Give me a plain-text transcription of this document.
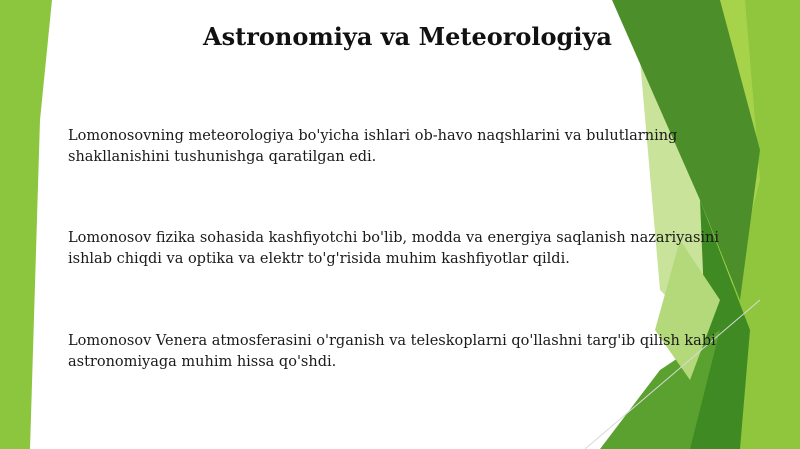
Astronomiya va Meteorologiya

Lomonosovning meteorologiya bo'yicha ishlari ob-havo naqshlarini va bulutlarning shakllanishini tushunishga qaratilgan edi.

Lomonosov fizika sohasida kashfiyotchi bo'lib, modda va energiya saqlanish nazariyasini ishlab chiqdi va optika va elektr to'g'risida muhim kashfiyotlar qildi.

Lomonosov Venera atmosferasini o'rganish va teleskoplarni qo'llashni targ'ib qilish kabi astronomiyaga muhim hissa qo'shdi.
